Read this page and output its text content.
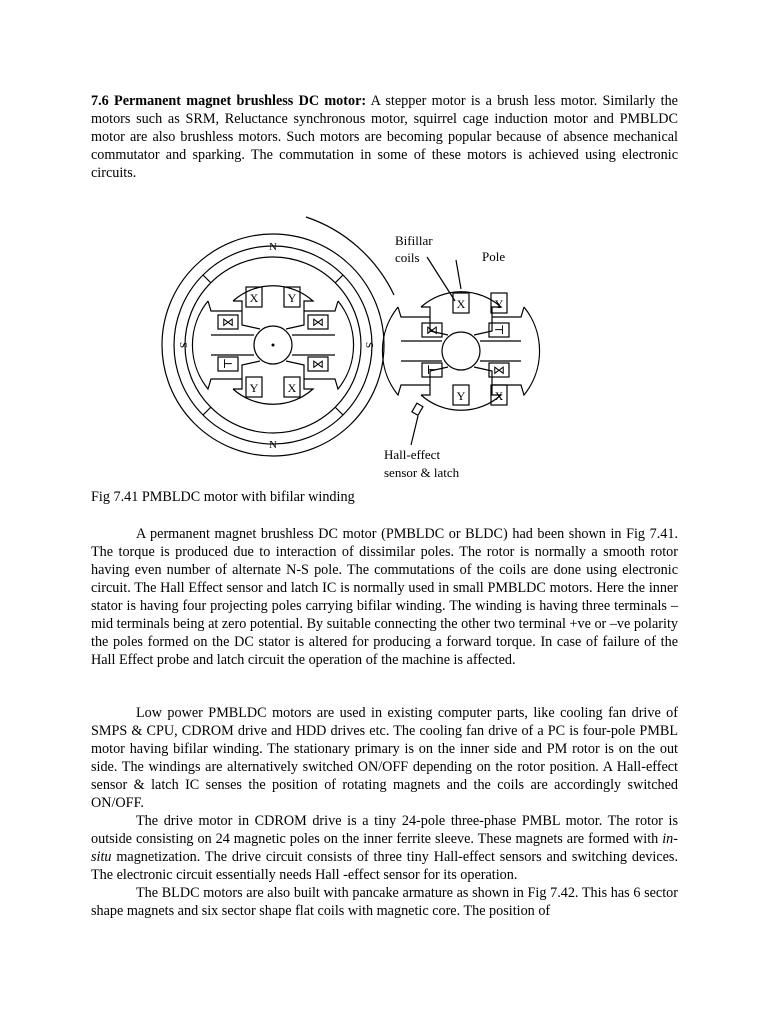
7.6 Permanent magnet brushless DC motor: A stepper motor is a brush less motor. Similarly the motors such as SRM, Reluctance synchronous motor, squirrel cage induction motor and PMBLDC motor are also brushless motors. Such motors are becoming popular because of absence mechanical commutator and sparking. The commutation in some of these motors is achieved using electronic circuits.

⋈	⋈
⊢	⋈
⋈	⊣
⊢	⋈
X Y
Y X
X Y
Y X
N
N
S	S
Bifillar
coils	Pole
Hall-effect
sensor & latch

Fig 7.41 PMBLDC motor with bifilar winding

A permanent magnet brushless DC motor (PMBLDC or BLDC) had been shown in Fig 7.41. The torque is produced due to interaction of dissimilar poles. The rotor is normally a smooth rotor having even number of alternate N-S pole. The commutations of the coils are done using electronic circuit. The Hall Effect sensor and latch IC is normally used in small PMBLDC motors. Here the inner stator is having four projecting poles carrying bifilar winding. The winding is having three terminals –mid terminals being at zero potential. By suitable connecting the other two terminal +ve or –ve polarity the poles formed on the DC stator is altered for producing a forward torque. In case of failure of the Hall Effect probe and latch circuit the operation of the machine is affected.

Low power PMBLDC motors are used in existing computer parts, like cooling fan drive of SMPS & CPU, CDROM drive and HDD drives etc. The cooling fan drive of a PC is four-pole PMBL motor having bifilar winding. The stationary primary is on the inner side and PM rotor is on the out side. The windings are alternatively switched ON/OFF depending on the rotor position. A Hall-effect sensor & latch IC senses the position of rotating magnets and the coils are accordingly switched ON/OFF.

The drive motor in CDROM drive is a tiny 24-pole three-phase PMBL motor. The rotor is outside consisting on 24 magnetic poles on the inner ferrite sleeve. These magnets are formed with in-situ magnetization. The drive circuit consists of three tiny Hall-effect sensors and switching devices. The electronic circuit essentially needs Hall -effect sensor for its operation.

The BLDC motors are also built with pancake armature as shown in Fig 7.42. This has 6 sector shape magnets and six sector shape flat coils with magnetic core. The position of
